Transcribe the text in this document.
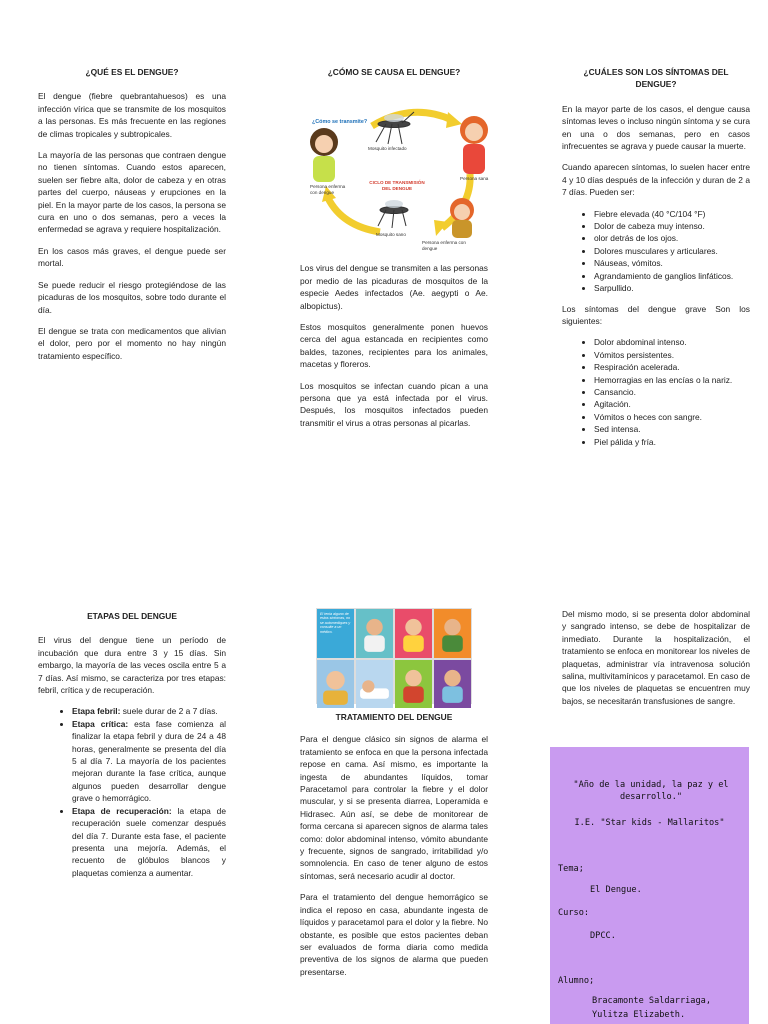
¿QUÉ ES EL DENGUE?

El dengue (fiebre quebrantahuesos) es una infección vírica que se transmite de los mosquitos a las personas. Es más frecuente en las regiones de climas tropicales y subtropicales.

La mayoría de las personas que contraen dengue no tienen síntomas. Cuando estos aparecen, suelen ser fiebre alta, dolor de cabeza y en otras partes del cuerpo, náuseas y erupciones en la piel. En la mayor parte de los casos, la persona se cura en uno o dos semanas, pero a veces la enfermedad se agrava y requiere hospitalización.

En los casos más graves, el dengue puede ser mortal.

Se puede reducir el riesgo protegiéndose de las picaduras de los mosquitos, sobre todo durante el día.

El dengue se trata con medicamentos que alivian el dolor, pero por el momento no hay ningún tratamiento específico.

¿CÓMO SE CAUSA EL DENGUE?
¿Cómo se transmite?
Mosquito infectado
Persona sana
Persona enferma con dengue
CICLO DE TRANSMISIÓN DEL DENGUE
Mosquito sano
Persona enferma con dengue

Los virus del dengue se transmiten a las personas por medio de las picaduras de mosquitos de la especie Aedes infectados (Ae. aegypti o Ae. albopictus).

Estos mosquitos generalmente ponen huevos cerca del agua estancada en recipientes como baldes, tazones, recipientes para los animales, macetas y floreros.

Los mosquitos se infectan cuando pican a una persona que ya está infectada por el virus. Después, los mosquitos infectados pueden transmitir el virus a otras personas al picarlas.

¿CUÁLES SON LOS SÍNTOMAS DEL DENGUE?

En la mayor parte de los casos, el dengue causa síntomas leves o incluso ningún síntoma y se cura en una o dos semanas, pero en casos infrecuentes se agrava y puede causar la muerte.

Cuando aparecen síntomas, lo suelen hacer entre 4 y 10 días después de la infección y duran de 2 a 7 días. Pueden ser:

• Fiebre elevada (40 °C/104 °F)
• Dolor de cabeza muy intenso.
• olor detrás de los ojos.
• Dolores musculares y articulares.
• Náuseas, vómitos.
• Agrandamiento de ganglios linfáticos.
• Sarpullido.

Los síntomas del dengue grave Son los siguientes:

• Dolor abdominal intenso.
• Vómitos persistentes.
• Respiración acelerada.
• Hemorragias en las encías o la nariz.
• Cansancio.
• Agitación.
• Vómitos o heces con sangre.
• Sed intensa.
• Piel pálida y fría.
ETAPAS DEL DENGUE

El virus del dengue tiene un período de incubación que dura entre 3 y 15 días. Sin embargo, la mayoría de las veces oscila entre 5 a 7 días. Así mismo, se caracteriza por tres etapas: febril, crítica y de recuperación.

• Etapa febril: suele durar de 2 a 7 días.
• Etapa crítica: esta fase comienza al finalizar la etapa febril y dura de 24 a 48 horas, generalmente se presenta del día 5 al día 7. La mayoría de los pacientes mejoran durante la fase crítica, aunque algunos pueden desarrollar dengue grave o hemorrágico.
• Etapa de recuperación: la etapa de recuperación suele comenzar después del día 7. Durante esta fase, el paciente presenta una mejoría. Además, el recuento de glóbulos blancos y plaquetas comienza a aumentar.
El tenia alguno de estos síntomas, no se automediques y consulte a un médico.
TRATAMIENTO DEL DENGUE

Para el dengue clásico sin signos de alarma el tratamiento se enfoca en que la persona infectada repose en cama. Así mismo, es importante la ingesta de abundantes líquidos, tomar Paracetamol para controlar la fiebre y el dolor muscular, y si se presenta diarrea, Loperamida e Hidrasec. Aún así, se debe de monitorear de forma cercana si aparecen signos de alarma tales como: dolor abdominal intenso, vómito abundante y frecuente, signos de sangrado, irritabilidad y/o somnolencia. En caso de tener alguno de estos síntomas, será necesario acudir al doctor.

Para el tratamiento del dengue hemorrágico se indica el reposo en casa, abundante ingesta de líquidos y paracetamol para el dolor y la fiebre. No obstante, es posible que estos pacientes deban ser evaluados de forma diaria como medida preventiva de los signos de alarma que pueden presentarse.

Del mismo modo, si se presenta dolor abdominal y sangrado intenso, se debe de hospitalizar de inmediato. Durante la hospitalización, el tratamiento se enfoca en monitorear los niveles de plaquetas, administrar vía intravenosa solución salina, multivitamínicos y paracetamol. En caso de que los niveles de plaquetas se encuentren muy bajos, se necesitarán transfusiones de sangre.

"Año de la unidad, la paz y el desarrollo."
I.E. "Star kids - Mallaritos"
Tema;
El Dengue.
Curso:
DPCC.
Alumno;
Bracamonte Saldarriaga,
Yulitza Elizabeth.
